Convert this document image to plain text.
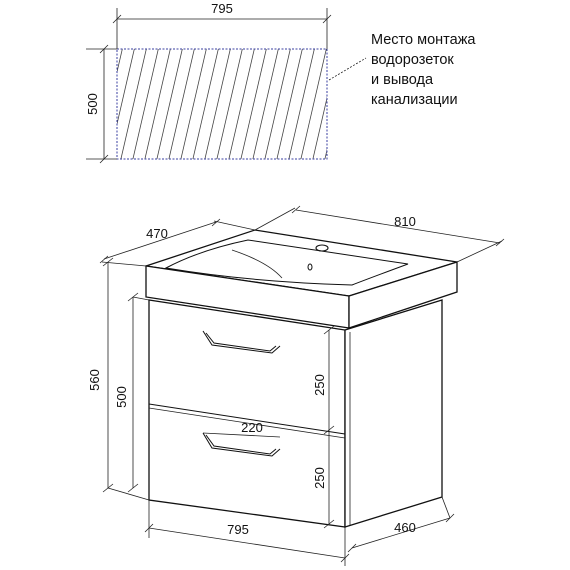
795
500
Место монтажа
водорозеток
и вывода
канализации
220
470
810
560
500
250
250
795	460
